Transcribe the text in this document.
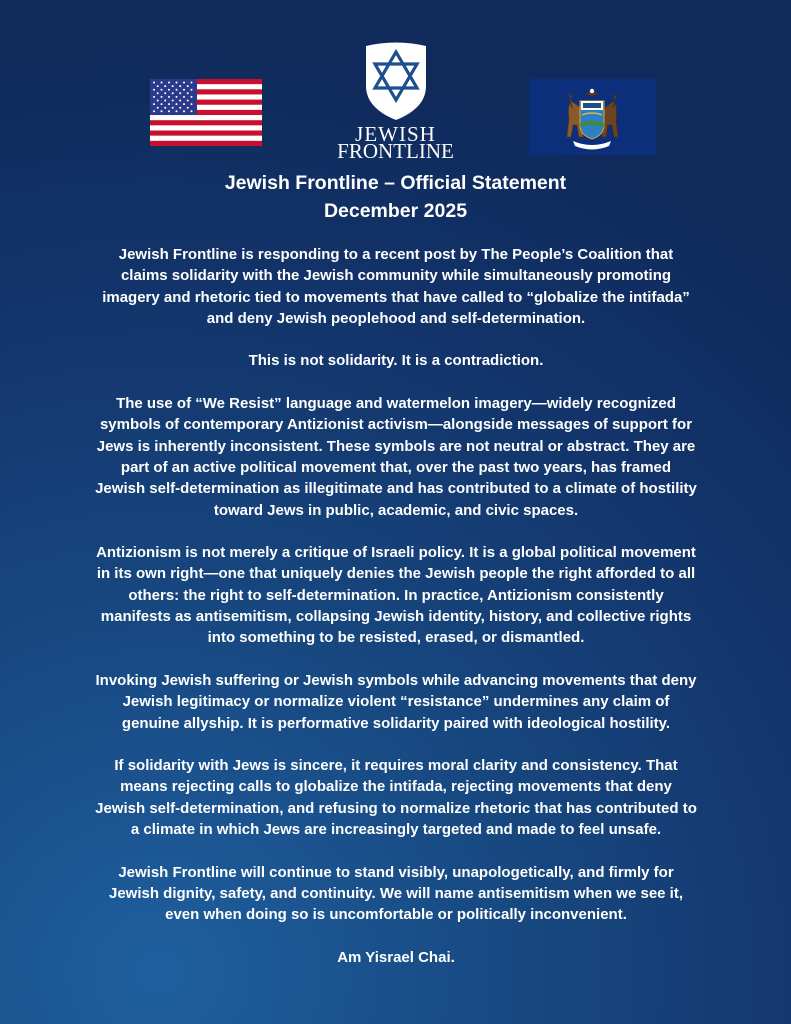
JEWISH
FRONTLINE
Jewish Frontline – Official Statement
December 2025

Jewish Frontline is responding to a recent post by The People’s Coalition that claims solidarity with the Jewish community while simultaneously promoting imagery and rhetoric tied to movements that have called to “globalize the intifada” and deny Jewish peoplehood and self-determination.

This is not solidarity. It is a contradiction.

The use of “We Resist” language and watermelon imagery—widely recognized symbols of contemporary Antizionist activism—alongside messages of support for Jews is inherently inconsistent. These symbols are not neutral or abstract. They are part of an active political movement that, over the past two years, has framed Jewish self-determination as illegitimate and has contributed to a climate of hostility toward Jews in public, academic, and civic spaces.

Antizionism is not merely a critique of Israeli policy. It is a global political movement in its own right—one that uniquely denies the Jewish people the right afforded to all others: the right to self-determination. In practice, Antizionism consistently manifests as antisemitism, collapsing Jewish identity, history, and collective rights into something to be resisted, erased, or dismantled.

Invoking Jewish suffering or Jewish symbols while advancing movements that deny Jewish legitimacy or normalize violent “resistance” undermines any claim of genuine allyship. It is performative solidarity paired with ideological hostility.

If solidarity with Jews is sincere, it requires moral clarity and consistency. That means rejecting calls to globalize the intifada, rejecting movements that deny Jewish self-determination, and refusing to normalize rhetoric that has contributed to a climate in which Jews are increasingly targeted and made to feel unsafe.

Jewish Frontline will continue to stand visibly, unapologetically, and firmly for Jewish dignity, safety, and continuity. We will name antisemitism when we see it, even when doing so is uncomfortable or politically inconvenient.

Am Yisrael Chai.
